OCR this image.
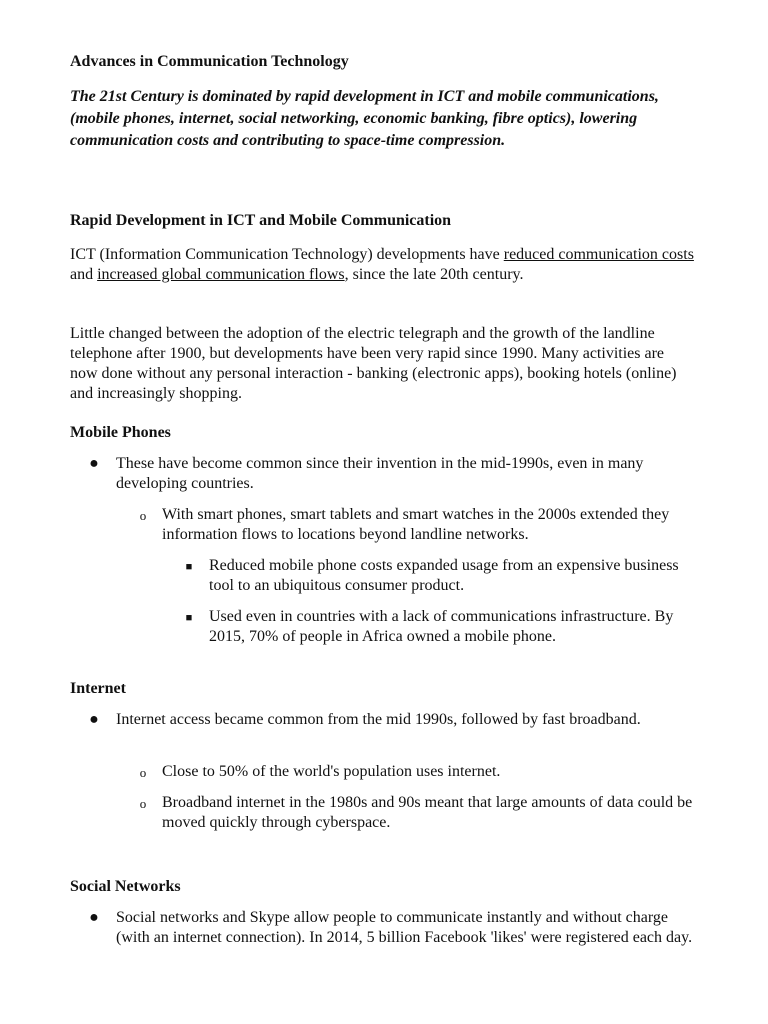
Advances in Communication Technology
The 21st Century is dominated by rapid development in ICT and mobile communications, (mobile phones, internet, social networking, economic banking, fibre optics), lowering communication costs and contributing to space-time compression.
Rapid Development in ICT and Mobile Communication
ICT (Information Communication Technology) developments have reduced communication costs and increased global communication flows, since the late 20th century.
Little changed between the adoption of the electric telegraph and the growth of the landline telephone after 1900, but developments have been very rapid since 1990. Many activities are now done without any personal interaction - banking (electronic apps), booking hotels (online) and increasingly shopping.
Mobile Phones
● These have become common since their invention in the mid-1990s, even in many developing countries.
o With smart phones, smart tablets and smart watches in the 2000s extended they information flows to locations beyond landline networks.
■ Reduced mobile phone costs expanded usage from an expensive business tool to an ubiquitous consumer product.
■ Used even in countries with a lack of communications infrastructure. By 2015, 70% of people in Africa owned a mobile phone.
Internet
● Internet access became common from the mid 1990s, followed by fast broadband.
o Close to 50% of the world's population uses internet.
o Broadband internet in the 1980s and 90s meant that large amounts of data could be moved quickly through cyberspace.
Social Networks
● Social networks and Skype allow people to communicate instantly and without charge (with an internet connection). In 2014, 5 billion Facebook 'likes' were registered each day.
